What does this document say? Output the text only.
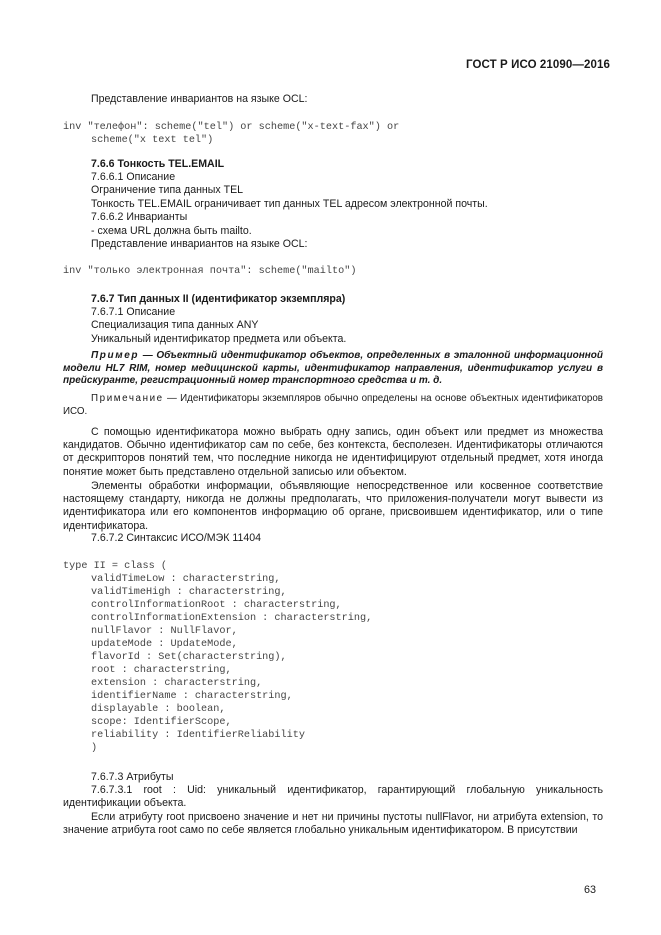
ГОСТ Р ИСО 21090—2016
Представление инвариантов на языке OCL:
inv "телефон": scheme("tel") or scheme("x-text-fax") or
scheme("x text tel")
7.6.6 Тонкость TEL.EMAIL
7.6.6.1 Описание
Ограничение типа данных TEL
Тонкость TEL.EMAIL ограничивает тип данных TEL адресом электронной почты.
7.6.6.2 Инварианты
- схема URL должна быть mailto.
Представление инвариантов на языке OCL:
inv "только электронная почта": scheme("mailto")
7.6.7 Тип данных II (идентификатор экземпляра)
7.6.7.1 Описание
Специализация типа данных ANY
Уникальный идентификатор предмета или объекта.
Пример — Объектный идентификатор объектов, определенных в эталонной информационной модели HL7 RIM, номер медицинской карты, идентификатор направления, идентификатор услуги в прейскуранте, регистрационный номер транспортного средства и т. д.
Примечание — Идентификаторы экземпляров обычно определены на основе объектных идентификаторов ИСО.
С помощью идентификатора можно выбрать одну запись, один объект или предмет из множества кандидатов. Обычно идентификатор сам по себе, без контекста, бесполезен. Идентификаторы отличаются от дескрипторов понятий тем, что последние никогда не идентифицируют отдельный предмет, хотя иногда понятие может быть представлено отдельной записью или объектом.
Элементы обработки информации, объявляющие непосредственное или косвенное соответствие настоящему стандарту, никогда не должны предполагать, что приложения-получатели могут вывести из идентификатора или его компонентов информацию об органе, присвоившем идентификатор, или о типе идентификатора.
7.6.7.2 Синтаксис ИСО/МЭК 11404
type II = class (
validTimeLow : characterstring,
validTimeHigh : characterstring,
controlInformationRoot : characterstring,
controlInformationExtension : characterstring,
nullFlavor : NullFlavor,
updateMode : UpdateMode,
flavorId : Set(characterstring),
root : characterstring,
extension : characterstring,
identifierName : characterstring,
displayable : boolean,
scope: IdentifierScope,
reliability : IdentifierReliability
)
7.6.7.3 Атрибуты
7.6.7.3.1 root : Uid: уникальный идентификатор, гарантирующий глобальную уникальность идентификации объекта.
Если атрибуту root присвоено значение и нет ни причины пустоты nullFlavor, ни атрибута extension, то значение атрибута root само по себе является глобально уникальным идентификатором. В присутствии
63
